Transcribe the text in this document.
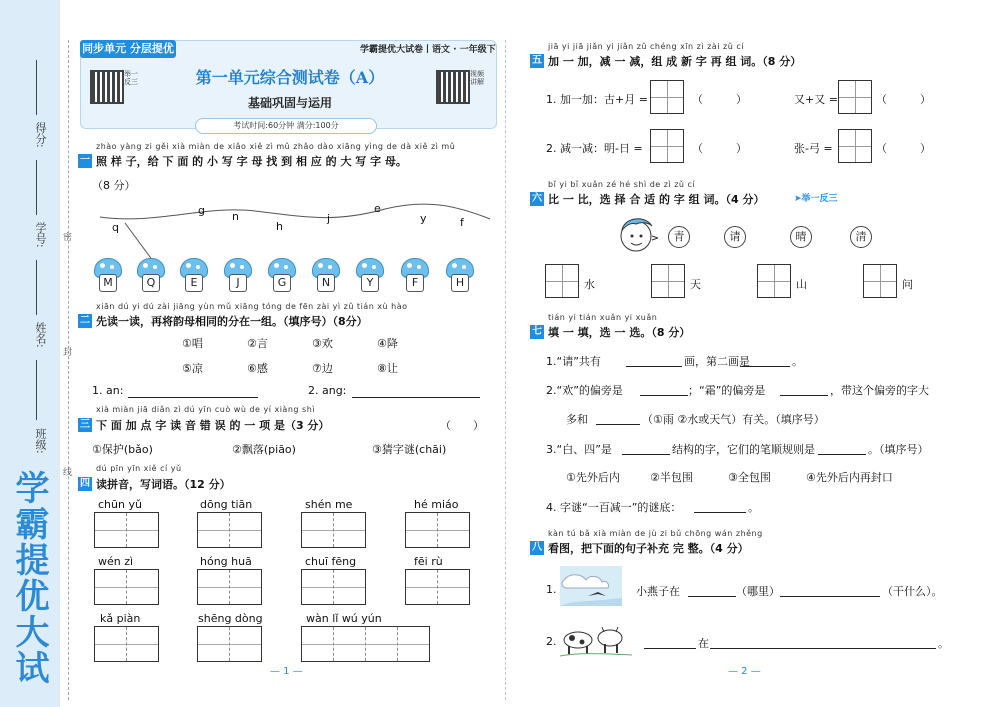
学霸提优大试
得分:
学号:
姓名:
班级:
密
封
线
同步单元 分层提优	学霸提优大试卷丨语文 · 一年级下
举一反三
视频讲解
第一单元综合测试卷（A）
基础巩固与运用
考试时间:60分钟 满分:100分
zhào yàng zi gěi xià miàn de xiǎo xiě zì mǔ zhǎo dào xiāng yìng de dà xiě zì mǔ
一 照 样 子，给 下 面 的 小 写 字 母 找 到 相 应 的 大 写 字 母。
（8 分）
q
g n
h
j
e
y	f
M	Q	E	J	G	N	Y	F	H
xiān dú yi dú zài jiāng yùn mǔ xiāng tóng de fēn zài yì zǔ tián xù hào
二 先读一读，再将韵母相同的分在一组。（填序号）（8分）
①唱	②言	③欢	④降
⑤凉	⑥感	⑦边	⑧让
1. an:	2. ang:
xià miàn jiā diǎn zì dú yīn cuò wù de yí xiàng shì
三 下 面 加 点 字 读 音 错 误 的 一 项 是（3 分）	（　　）
①保护(bǎo)	②飘落(piāo)	③猜字谜(chāi)
dú pīn yīn xiě cí yǔ
四 读拼音，写词语。（12 分）
chūn yǔ	dōng tiān	shén me	hé miáo
wén zì	hóng huā	chuī fēng	fēi rù
kǎ piàn	shēng dòng	wàn lǐ wú yún
— 1 —
jiā yi jiā jiǎn yi jiǎn zǔ chéng xīn zì zài zǔ cí
五 加 一 加，减 一 减，组 成 新 字 再 组 词。（8 分）
1. 加一加：古+月 =	（　　　）	又+又 =	（　　　）
2. 减一减：明-日 =	（　　　）	张-弓 =	（　　　）
bǐ yi bǐ xuǎn zé hé shì de zì zǔ cí
六 比 一 比，选 择 合 适 的 字 组 词。（4 分）	➤举一反三
青	请	晴	清
水	天	山	问
tián yi tián xuǎn yi xuǎn
七 填 一 填，选 一 选。（8 分）
1.“请”共有	画，第二画是	。
2.“欢”的偏旁是	；“霜”的偏旁是	，带这个偏旁的字大
多和	（①雨 ②水或天气）有关。（填序号）
3.“白、四”是	结构的字，它们的笔顺规则是	。（填序号）
①先外后内	②半包围	③全包围	④先外后内再封口
4. 字谜“一百减一”的谜底：	。
kàn tú bǎ xià miàn de jù zi bǔ chōng wán zhěng
八 看图，把下面的句子补充 完 整。（4 分）
1.	小燕子在	（哪里）	（干什么）。
2.	在	。
— 2 —
